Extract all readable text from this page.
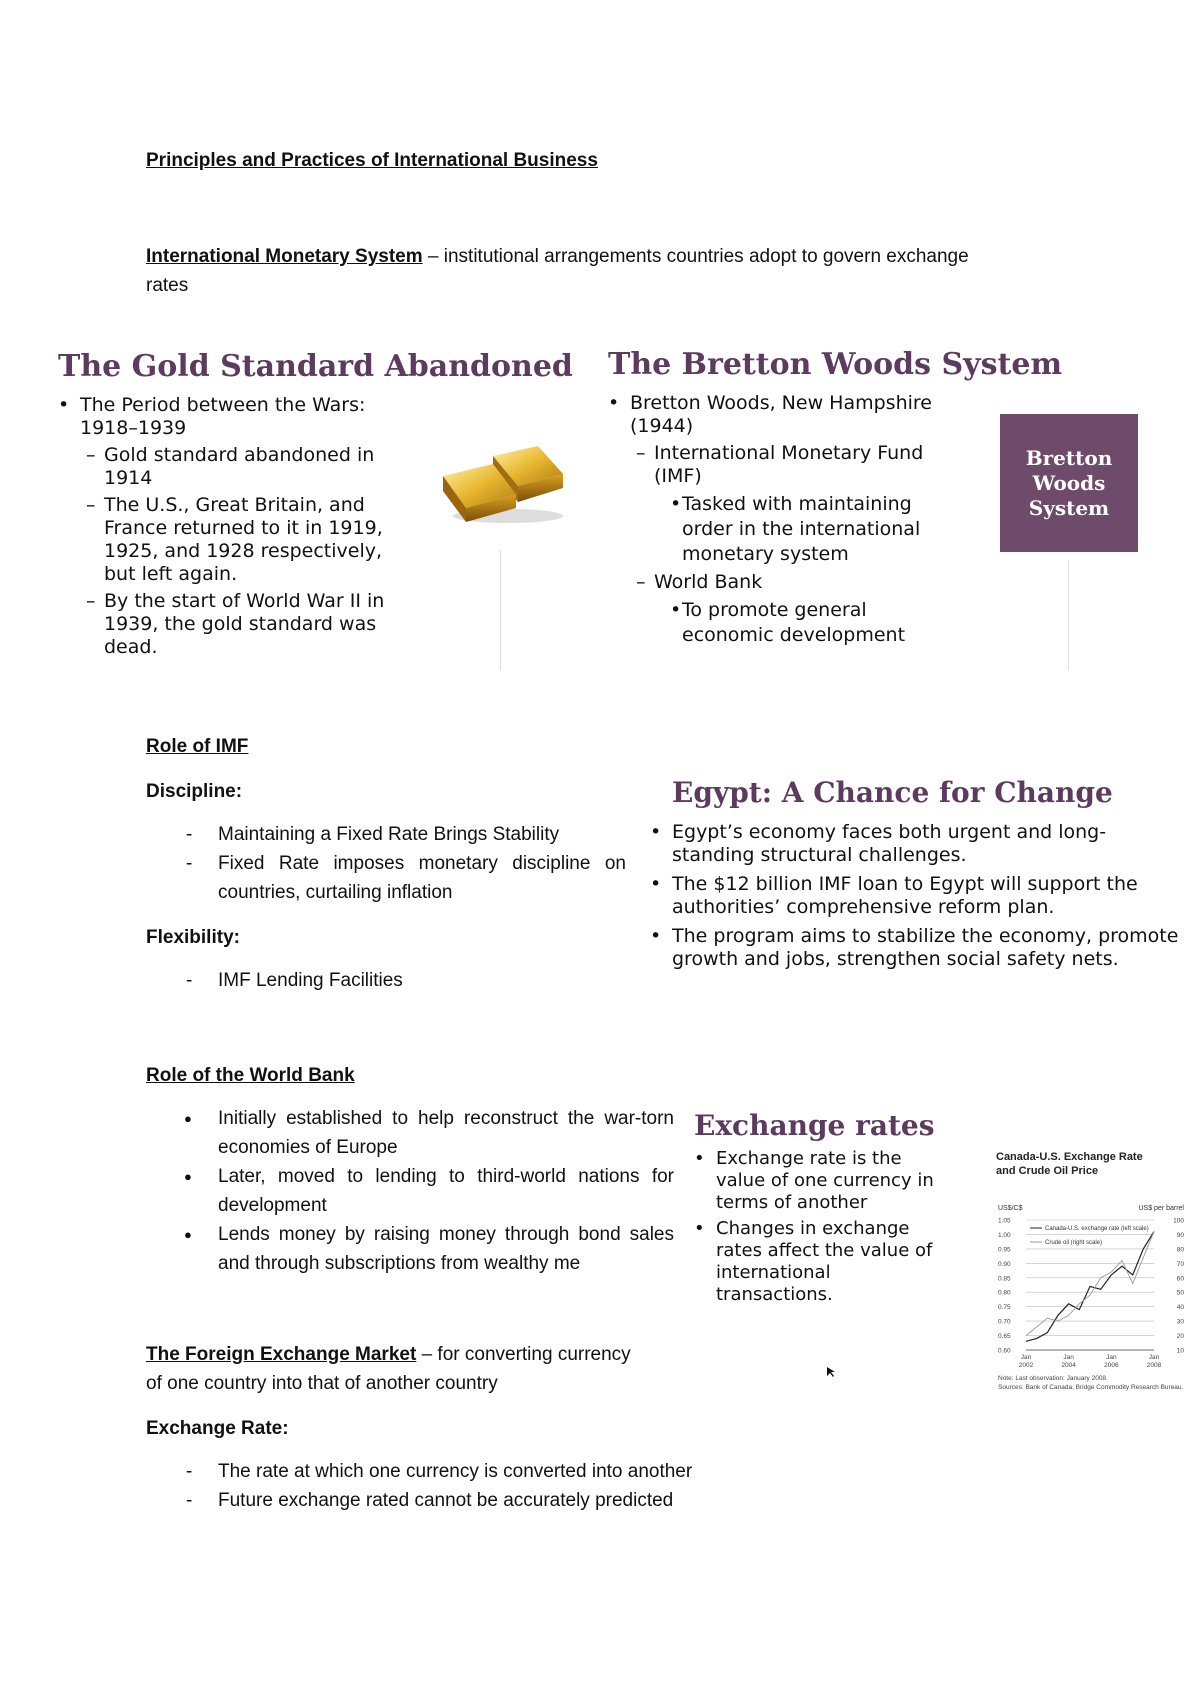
Principles and Practices of International Business
International Monetary System – institutional arrangements countries adopt to govern exchange
rates
The Gold Standard Abandoned
• The Period between the Wars:
1918–1939
– Gold standard abandoned in 1914
– The U.S., Great Britain, and France returned to it in 1919, 1925, and 1928 respectively, but left again.
– By the start of World War II in 1939, the gold standard was dead.
The Bretton Woods System
• Bretton Woods, New Hampshire
(1944)
– International Monetary Fund (IMF)
• Tasked with maintaining order in the international monetary system
– World Bank
• To promote general economic development
Bretton
Woods
System
Role of IMF
Discipline:
- Maintaining a Fixed Rate Brings Stability
- Fixed Rate imposes monetary discipline on countries, curtailing inflation
Flexibility:
- IMF Lending Facilities
Egypt: A Chance for Change
• Egypt’s economy faces both urgent and long-standing structural challenges.
• The $12 billion IMF loan to Egypt will support the authorities’ comprehensive reform plan.
• The program aims to stabilize the economy, promote growth and jobs, strengthen social safety nets.
Role of the World Bank
● Initially established to help reconstruct the war-torn economies of Europe
● Later, moved to lending to third-world nations for development
● Lends money by raising money through bond sales and through subscriptions from wealthy me
The Foreign Exchange Market – for converting currency
of one country into that of another country
Exchange Rate:
- The rate at which one currency is converted into another
- Future exchange rated cannot be accurately predicted
Exchange rates
• Exchange rate is the value of one currency in terms of another
• Changes in exchange rates affect the value of international transactions.
Canada-U.S. Exchange Rate and Crude Oil Price
US$/C$	US$ per barrel
1.05	100
1.00	90
0.95	80
0.90	70
0.85	60
0.80	50
0.75	40
0.70	30
0.65	20
0.60	10
Jan
2002
Jan
2004
Jan
2006
Jan
2008
Canada-U.S. exchange rate (left scale)
Crude oil (right scale)
Note: Last observation: January 2008.
Sources: Bank of Canada; Bridge Commodity Research Bureau.
